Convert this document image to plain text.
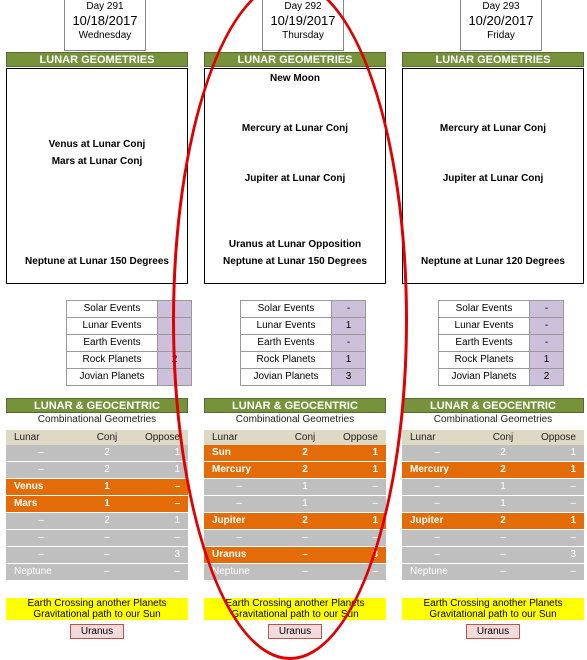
Day 291
10/18/2017
Wednesday
LUNAR GEOMETRIES
Venus at Lunar Conj
Mars at Lunar Conj
Neptune at Lunar 150 Degrees
Solar Events
Lunar Events
Earth Events
Rock Planets	2
Jovian Planets
LUNAR & GEOCENTRIC
Combinational Geometries
Lunar	Conj	Oppose
–	2	1
–	2	1
Venus	1	–
Mars	1	–
–	2	1
–	–	–
–	–	3
Neptune	–	–
Earth Crossing another Planets
Gravitational path to our Sun
Uranus
Day 292
10/19/2017
Thursday
LUNAR GEOMETRIES
New Moon
Mercury at Lunar Conj
Jupiter at Lunar Conj
Uranus at Lunar Opposition
Neptune at Lunar 150 Degrees
Solar Events	-
Lunar Events	1
Earth Events	-
Rock Planets	1
Jovian Planets	3
LUNAR & GEOCENTRIC
Combinational Geometries
Lunar	Conj	Oppose
Sun	2	1
Mercury	2	1
–	1	–
–	1	–
Jupiter	2	1
–	–	–
Uranus	–	3
Neptune	–	–
Earth Crossing another Planets
Gravitational path to our Sun
Uranus
Day 293
10/20/2017
Friday
LUNAR GEOMETRIES
Mercury at Lunar Conj
Jupiter at Lunar Conj
Neptune at Lunar 120 Degrees
Solar Events	-
Lunar Events	-
Earth Events	-
Rock Planets	1
Jovian Planets	2
LUNAR & GEOCENTRIC
Combinational Geometries
Lunar	Conj	Oppose
–	2	1
Mercury	2	1
–	1	–
–	1	–
Jupiter	2	1
–	–	–
–	–	3
Neptune	–	–
Earth Crossing another Planets
Gravitational path to our Sun
Uranus
